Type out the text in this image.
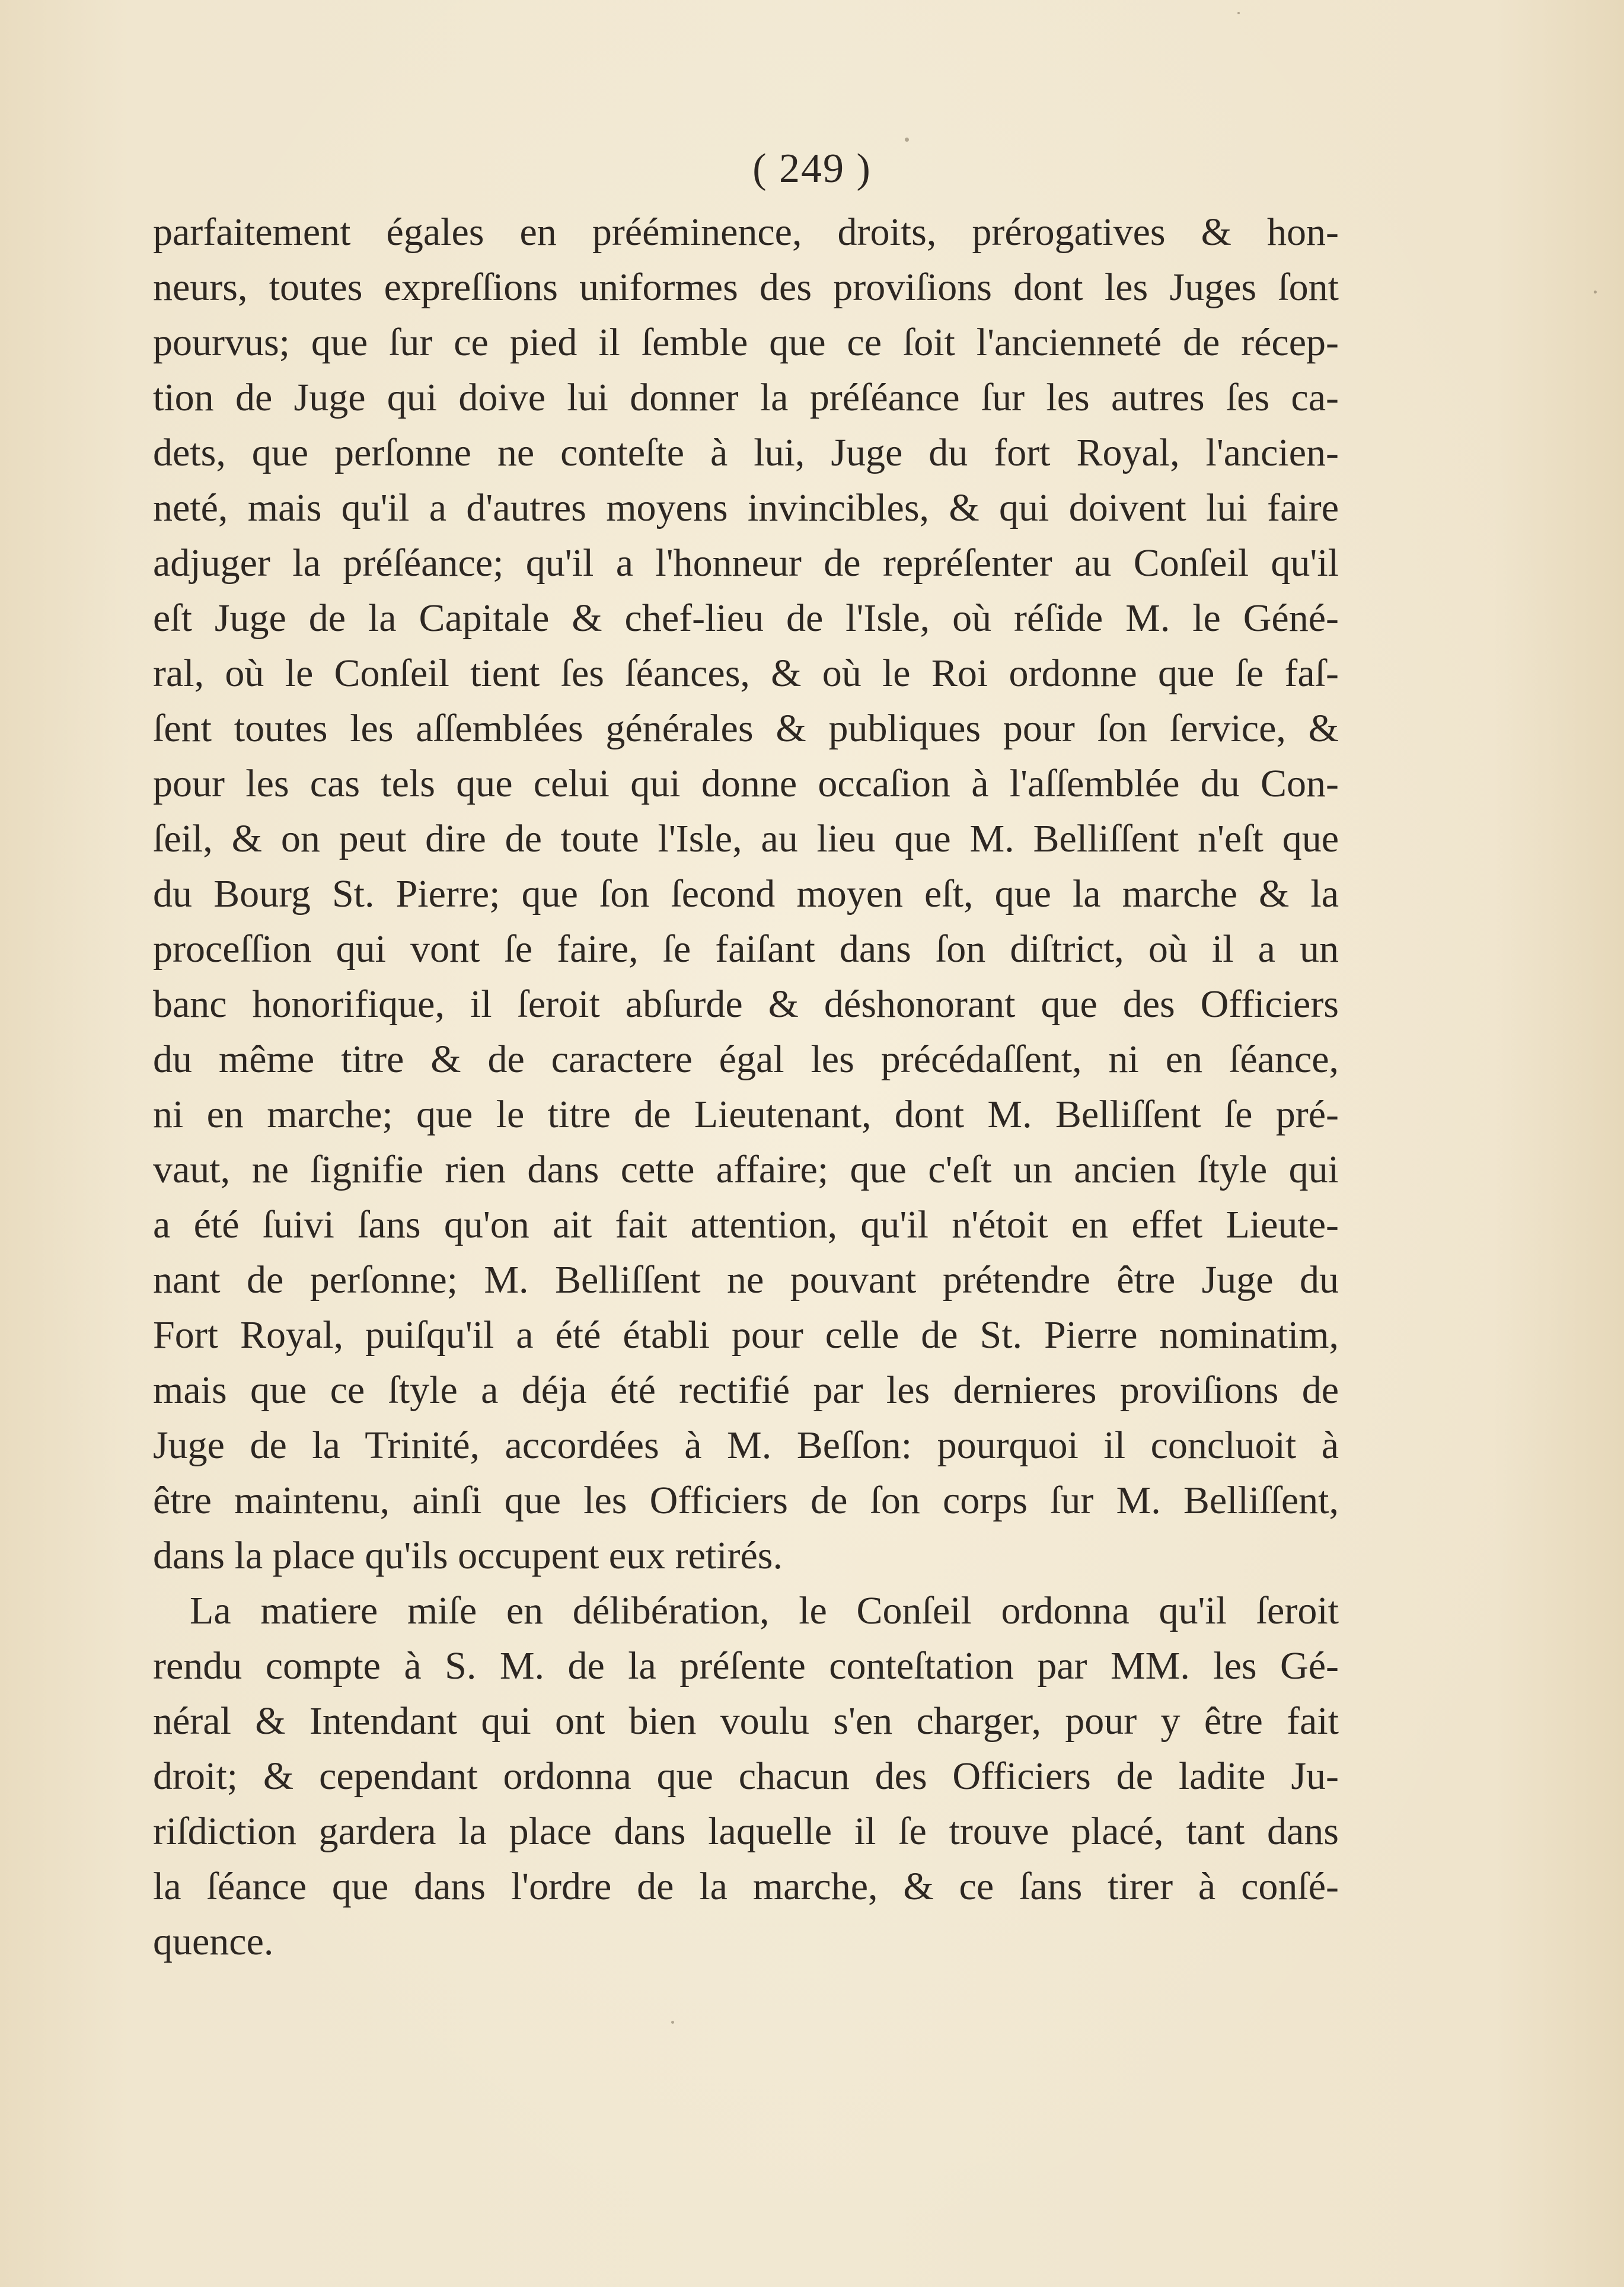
( 249 )
parfaitement égales en prééminence, droits, prérogatives & hon-
neurs, toutes expreſſions uniformes des proviſions dont les Juges ſont
pourvus; que ſur ce pied il ſemble que ce ſoit l'ancienneté de récep-
tion de Juge qui doive lui donner la préſéance ſur les autres ſes ca-
dets, que perſonne ne conteſte à lui, Juge du fort Royal, l'ancien-
neté, mais qu'il a d'autres moyens invincibles, & qui doivent lui faire
adjuger la préſéance; qu'il a l'honneur de repréſenter au Conſeil qu'il
eſt Juge de la Capitale & chef-lieu de l'Isle, où réſide M. le Géné-
ral, où le Conſeil tient ſes ſéances, & où le Roi ordonne que ſe faſ-
ſent toutes les aſſemblées générales & publiques pour ſon ſervice, &
pour les cas tels que celui qui donne occaſion à l'aſſemblée du Con-
ſeil, & on peut dire de toute l'Isle, au lieu que M. Belliſſent n'eſt que
du Bourg St. Pierre; que ſon ſecond moyen eſt, que la marche & la
proceſſion qui vont ſe faire, ſe faiſant dans ſon diſtrict, où il a un
banc honorifique, il ſeroit abſurde & déshonorant que des Officiers
du même titre & de caractere égal les précédaſſent, ni en ſéance,
ni en marche; que le titre de Lieutenant, dont M. Belliſſent ſe pré-
vaut, ne ſignifie rien dans cette affaire; que c'eſt un ancien ſtyle qui
a été ſuivi ſans qu'on ait fait attention, qu'il n'étoit en effet Lieute-
nant de perſonne; M. Belliſſent ne pouvant prétendre être Juge du
Fort Royal, puiſqu'il a été établi pour celle de St. Pierre nominatim,
mais que ce ſtyle a déja été rectifié par les dernieres proviſions de
Juge de la Trinité, accordées à M. Beſſon: pourquoi il concluoit à
être maintenu, ainſi que les Officiers de ſon corps ſur M. Belliſſent,
dans la place qu'ils occupent eux retirés.
La matiere miſe en délibération, le Conſeil ordonna qu'il ſeroit
rendu compte à S. M. de la préſente conteſtation par MM. les Gé-
néral & Intendant qui ont bien voulu s'en charger, pour y être fait
droit; & cependant ordonna que chacun des Officiers de ladite Ju-
riſdiction gardera la place dans laquelle il ſe trouve placé, tant dans
la ſéance que dans l'ordre de la marche, & ce ſans tirer à conſé-
quence.
